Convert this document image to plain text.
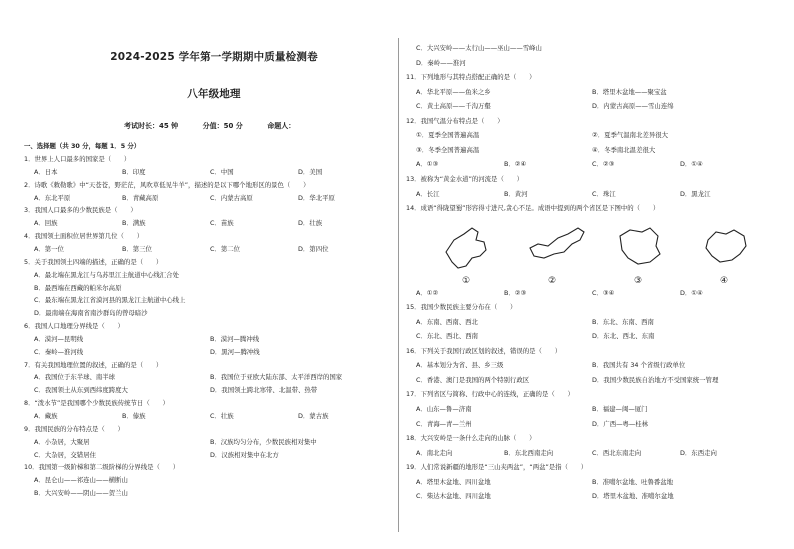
2024-2025 学年第一学期期中质量检测卷
八年级地理
考试时长：45 钟	分值：50 分	命题人：
一、选择题（共 30 分，每题 1．5 分）
1．世界上人口最多的国家是（　　）
A．日本	B．印度	C．中国	D．美国
2．诗歌《敕勒歌》中“天苍苍，野茫茫，风吹草低见牛羊”，描述的是以下哪个地形区的景色（　　）
A．东北平原	B．青藏高原	C．内蒙古高原	D．华北平原
3．我国人口最多的少数民族是（　　）
A．回族	B．满族	C．苗族	D．壮族
4．我国领土面积位居世界第几位（　　）
A．第一位	B．第三位	C．第二位	D．第四位
5．关于我国领土四端的描述，正确的是（　　）
A．最北端在黑龙江与乌苏里江主航道中心线汇合处
B．最西端在西藏的帕米尔高原
C．最东端在黑龙江省漠河县的黑龙江主航道中心线上
D．最南端在海南省南沙群岛的曾母暗沙
6．我国人口地理分界线是（　　）
A．漠河—昆明线	B．漠河—腾冲线
C．秦岭—淮河线	D．黑河—腾冲线
7．有关我国地理位置的叙述，正确的是（　　）
A．我国位于东半球、南半球	B．我国位于亚欧大陆东部、太平洋西岸的国家
C．我国领土从东到西纬度跨度大	D．我国领土跨北寒带、北温带、热带
8．“泼水节”是我国哪个少数民族传统节日（　　）
A．藏族	B．傣族	C．壮族	D．蒙古族
9．我国民族的分布特点是（　　）
A．小杂居，大聚居	B．汉族均匀分布，少数民族相对集中
C．大杂居，交错居住	D．汉族相对集中在北方
10．我国第一级阶梯和第二级阶梯的分界线是（　　）
A．昆仑山——祁连山——横断山
B．大兴安岭——阴山——贺兰山
C．大兴安岭——太行山——巫山——雪峰山
D．秦岭——淮河
11．下列地形与其特点搭配正确的是（　　）
A．华北平原——鱼米之乡	B．塔里木盆地——聚宝盆
C．黄土高原——千沟万壑	D．内蒙古高原——雪山连绵
12．我国气温分布特点是（　　）
①．夏季全国普遍高温	②．夏季气温南北差异很大
③．冬季全国普遍高温	④．冬季南北温差很大
A．①③	B．②④	C．②③	D．①④
13．被称为“黄金水道”的河流是（　　）
A．长江	B．黄河	C．珠江	D．黑龙江
14．成语“得陇望蜀”形容得寸进尺,贪心不足。成语中提到的两个省区是下图中的（　　）
①	②	③	④
A．①②	B．②③	C．③④	D．①④
15．我国少数民族主要分布在（　　）
A．东南、西南、西北	B．东北、东南、西南
C．东北、西北、西南	D．东北、西北、东南
16．下列关于我国行政区划的叙述，错误的是（　　）
A．基本划分为省、县、乡三级	B．我国共有 34 个省级行政单位
C．香港、澳门是我国的两个特别行政区	D．我国少数民族自治地方不受国家统一管理
17．下列省区与简称、行政中心的连线，正确的是（　　）
A．山东—鲁—济南	B．福建—闽—厦门
C．青海—青—兰州	D．广西—粤—桂林
18．大兴安岭是一条什么走向的山脉（　　）
A．南北走向	B．东北西南走向	C．西北东南走向	D．东西走向
19．人们常说新疆的地形是“三山夹两盆”，“两盆”是指（　　）
A．塔里木盆地、四川盆地	B．准噶尔盆地、吐鲁番盆地
C．柴达木盆地、四川盆地	D．塔里木盆地、准噶尔盆地
